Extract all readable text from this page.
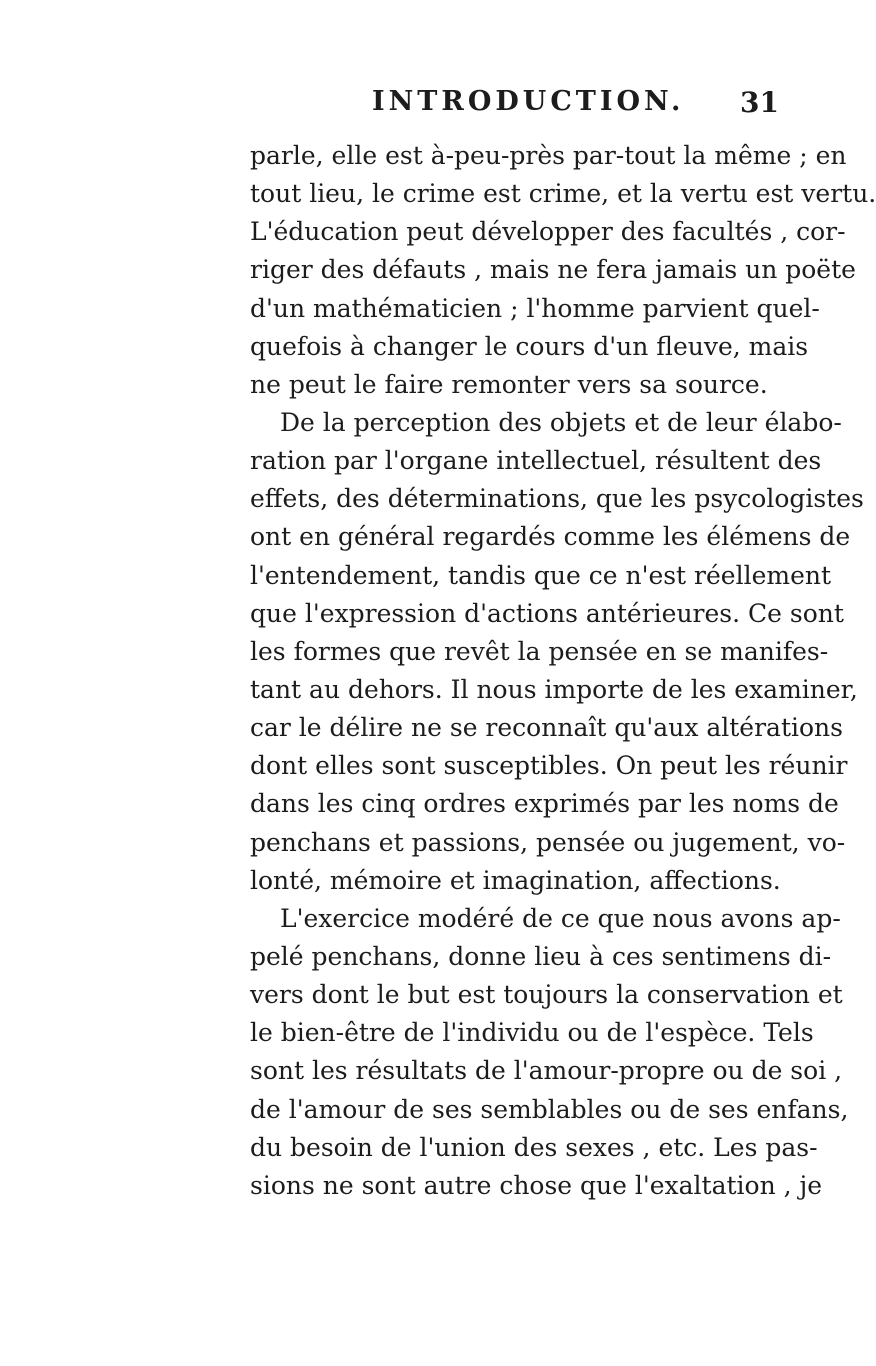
INTRODUCTION. 31
parle, elle est à-peu-près par-tout la même ; en
tout lieu, le crime est crime, et la vertu est vertu.
L'éducation peut développer des facultés , cor-
riger des défauts , mais ne fera jamais un poëte
d'un mathématicien ; l'homme parvient quel-
quefois à changer le cours d'un fleuve, mais
ne peut le faire remonter vers sa source.
De la perception des objets et de leur élabo-
ration par l'organe intellectuel, résultent des
effets, des déterminations, que les psycologistes
ont en général regardés comme les élémens de
l'entendement, tandis que ce n'est réellement
que l'expression d'actions antérieures. Ce sont
les formes que revêt la pensée en se manifes-
tant au dehors. Il nous importe de les examiner,
car le délire ne se reconnaît qu'aux altérations
dont elles sont susceptibles. On peut les réunir
dans les cinq ordres exprimés par les noms de
penchans et passions, pensée ou jugement, vo-
lonté, mémoire et imagination, affections.
L'exercice modéré de ce que nous avons ap-
pelé penchans, donne lieu à ces sentimens di-
vers dont le but est toujours la conservation et
le bien-être de l'individu ou de l'espèce. Tels
sont les résultats de l'amour-propre ou de soi ,
de l'amour de ses semblables ou de ses enfans,
du besoin de l'union des sexes , etc. Les pas-
sions ne sont autre chose que l'exaltation , je
